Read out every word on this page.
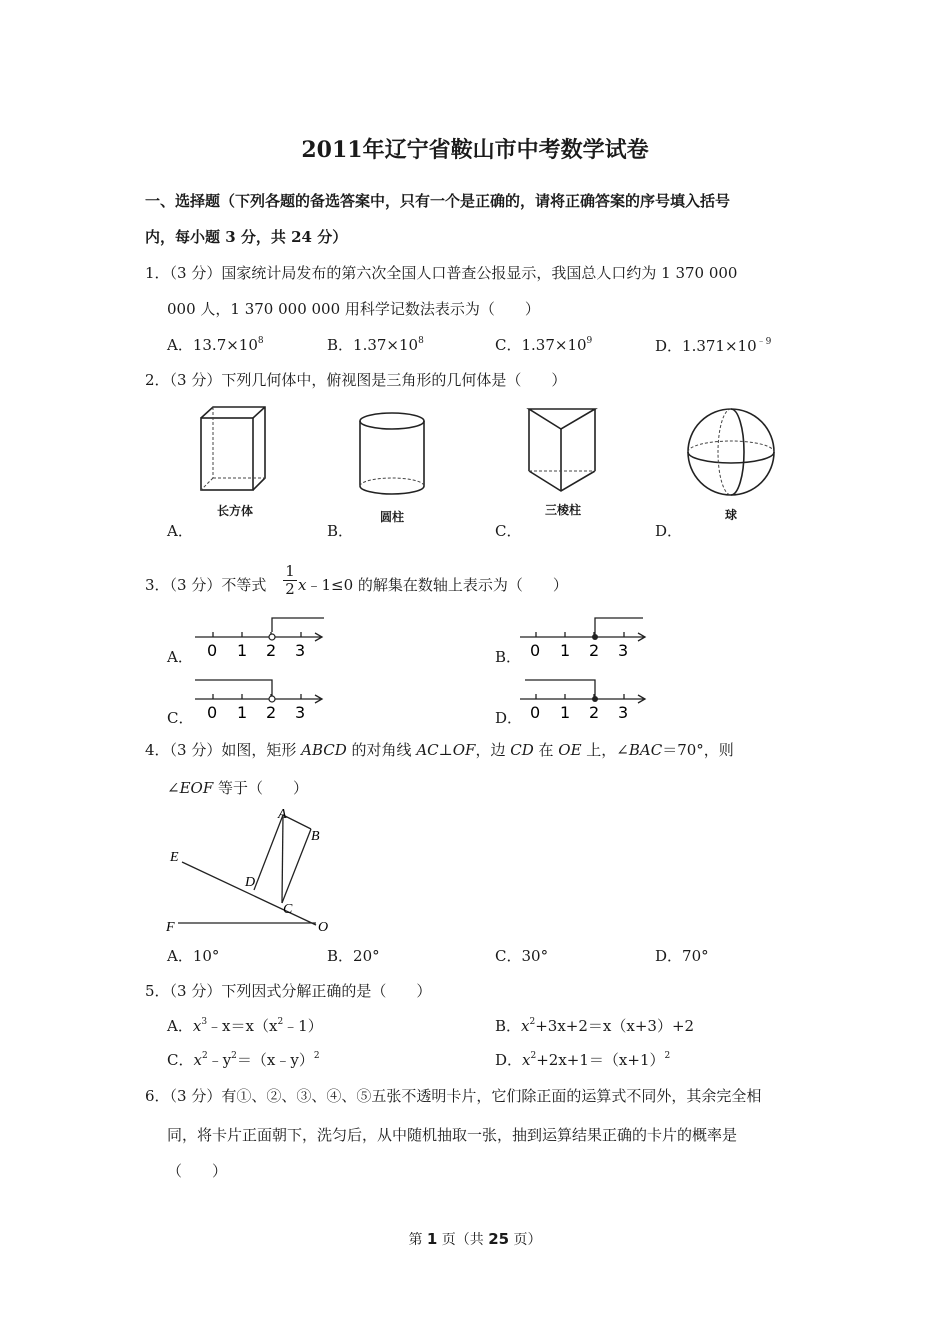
2011年辽宁省鞍山市中考数学试卷
一、选择题（下列各题的备选答案中，只有一个是正确的，请将正确答案的序号填入括号
内，每小题 3 分，共 24 分）
1．（3 分）国家统计局发布的第六次全国人口普查公报显示，我国总人口约为 1 370 000
000 人，1 370 000 000 用科学记数法表示为（　　）
A．$13.7\times 10^8$	B．$1.37\times 10^8$	C．$1.37\times 10^9$	D．$1.371\times 10^{﹣9}$
2．（3 分）下列几何体中，俯视图是三角形的几何体是（　　）
长方体	圆柱	三棱柱	球
A．	B．	C．	D．
3．（3 分）不等式
1
2 x﹣1≤0 的解集在数轴上表示为（　　）
0 1 2 3	0 1 2 3
0 1 2 3	0 1 2 3
A．	B．
C．	D．
4．（3 分）如图，矩形 ABCD 的对角线 AC⊥OF，边 CD 在 OE 上，∠BAC＝70°，则
∠EOF 等于（　　）
A
B
E
D
C
F	O
A．10°	B．20°	C．30°	D．70°
5．（3 分）下列因式分解正确的是（　　）
A．$x^3﹣x=x(x^2﹣1)$	B．$x^2+3x+2=x(x+3)+2$
C．$x^2﹣y^2=(x﹣y)^2$	D．$x^2+2x+1=(x+1)^2$
6．（3 分）有①、②、③、④、⑤五张不透明卡片，它们除正面的运算式不同外，其余完全相
同，将卡片正面朝下，洗匀后，从中随机抽取一张，抽到运算结果正确的卡片的概率是
（　　）
第 1 页（共 25 页）
